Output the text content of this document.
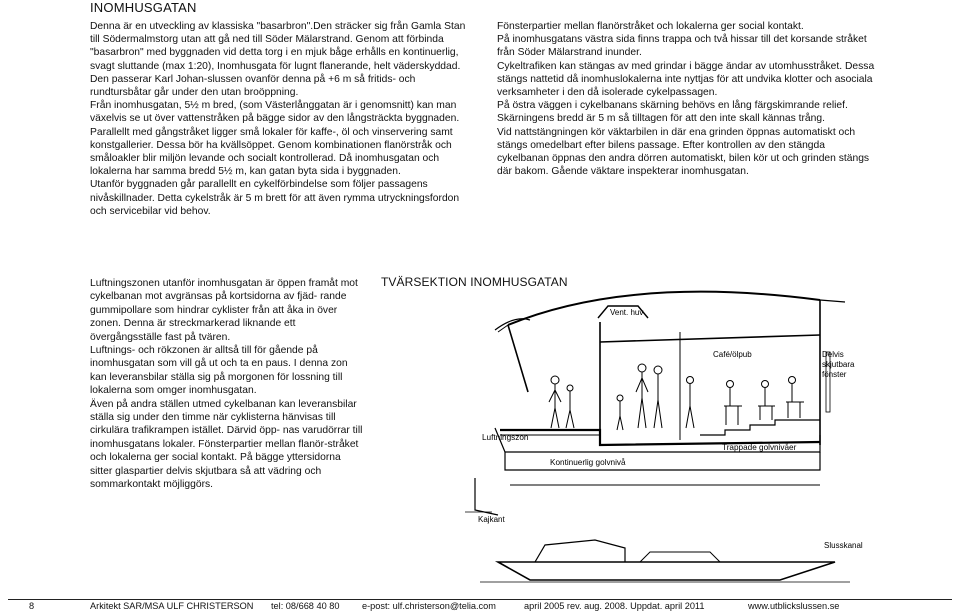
INOMHUSGATAN

Denna är en utveckling av klassiska "basarbron".Den sträcker sig från Gamla Stan till Södermalmstorg utan att gå ned till Söder Mälarstrand. Genom att förbinda "basarbron" med byggnaden vid detta torg i en mjuk båge erhålls en kontinuerlig, svagt sluttande (max 1:20), Inomhusgata för lugnt flanerande, helt väderskyddad. Den passerar Karl Johan-slussen ovanför denna på +6 m så fritids- och rundtursbåtar går under den utan broöppning.

Från inomhusgatan, 5½ m bred, (som Västerlånggatan är i genomsnitt) kan man växelvis se ut över vattenstråken på bägge sidor av den långsträckta byggnaden. Parallellt med gångstråket ligger små lokaler för kaffe-, öl och vinservering samt konstgallerier. Dessa bör ha kvällsöppet. Genom kombinationen flanörstråk och småloakler blir miljön levande och socialt kontrollerad. Då inomhusgatan och lokalerna har samma bredd 5½ m, kan gatan byta sida i byggnaden.

Utanför byggnaden går parallellt en cykelförbindelse som följer passagens nivåskillnader. Detta cykelstråk är 5 m brett för att även rymma utryckningsfordon och servicebilar vid behov.

Fönsterpartier mellan flanörstråket och lokalerna ger social kontakt.

På inomhusgatans västra sida finns trappa och två hissar till det korsande stråket från Söder Mälarstrand inunder.

Cykeltrafiken kan stängas av med grindar i bägge ändar av utomhusstråket. Dessa stängs nattetid då inomhuslokalerna inte nyttjas för att undvika klotter och asociala verksamheter i den då isolerade cykelpassagen.

På östra väggen i cykelbanans skärning behövs en lång färgskimrande relief. Skärningens bredd är 5 m så tilltagen för att den inte skall kännas trång.

Vid nattstängningen kör väktarbilen in där ena grinden öppnas automatiskt och stängs omedelbart efter bilens passage. Efter kontrollen av den stängda cykelbanan öppnas den andra dörren automatiskt, bilen kör ut och grinden stängs där bakom. Gående väktare inspekterar inomhusgatan.

Luftningszonen utanför inomhusgatan är öppen framåt mot cykelbanan mot avgränsas på kortsidorna av fjäd- rande gummipollare som hindrar cyklister från att åka in över zonen. Denna är streckmarkerad liknande ett övergångsställe fast på tvären.

Luftnings- och rökzonen är alltså till för gående på inomhusgatan som vill gå ut och ta en paus. I denna zon kan leveransbilar ställa sig på morgonen för lossning till lokalerna som omger inomhusgatan.

Även på andra ställen utmed cykelbanan kan leveransbilar ställa sig under den timme när cyklisterna hänvisas till cirkulära trafikrampen istället. Därvid öpp- nas varudörrar till inomhusgatans lokaler. Fönsterpartier mellan flanör-stråket och lokalerna ger social kontakt. På bägge yttersidorna sitter glaspartier delvis skjutbara så att vädring och sommarkontakt möjliggörs.

TVÄRSEKTION INOMHUSGATAN
Vent. huv
Café/ölpub	Delvis
skjutbara
fönster
Trappade golvnivåer
Luftningszon
Kontinuerlig golvnivå
Kajkant
Slusskanal
8	Arkitekt SAR/MSA ULF CHRISTERSON tel: 08/668 40 80 e-post: ulf.christerson@telia.com	april 2005 rev. aug. 2008. Uppdat. april 2011	www.utblickslussen.se
